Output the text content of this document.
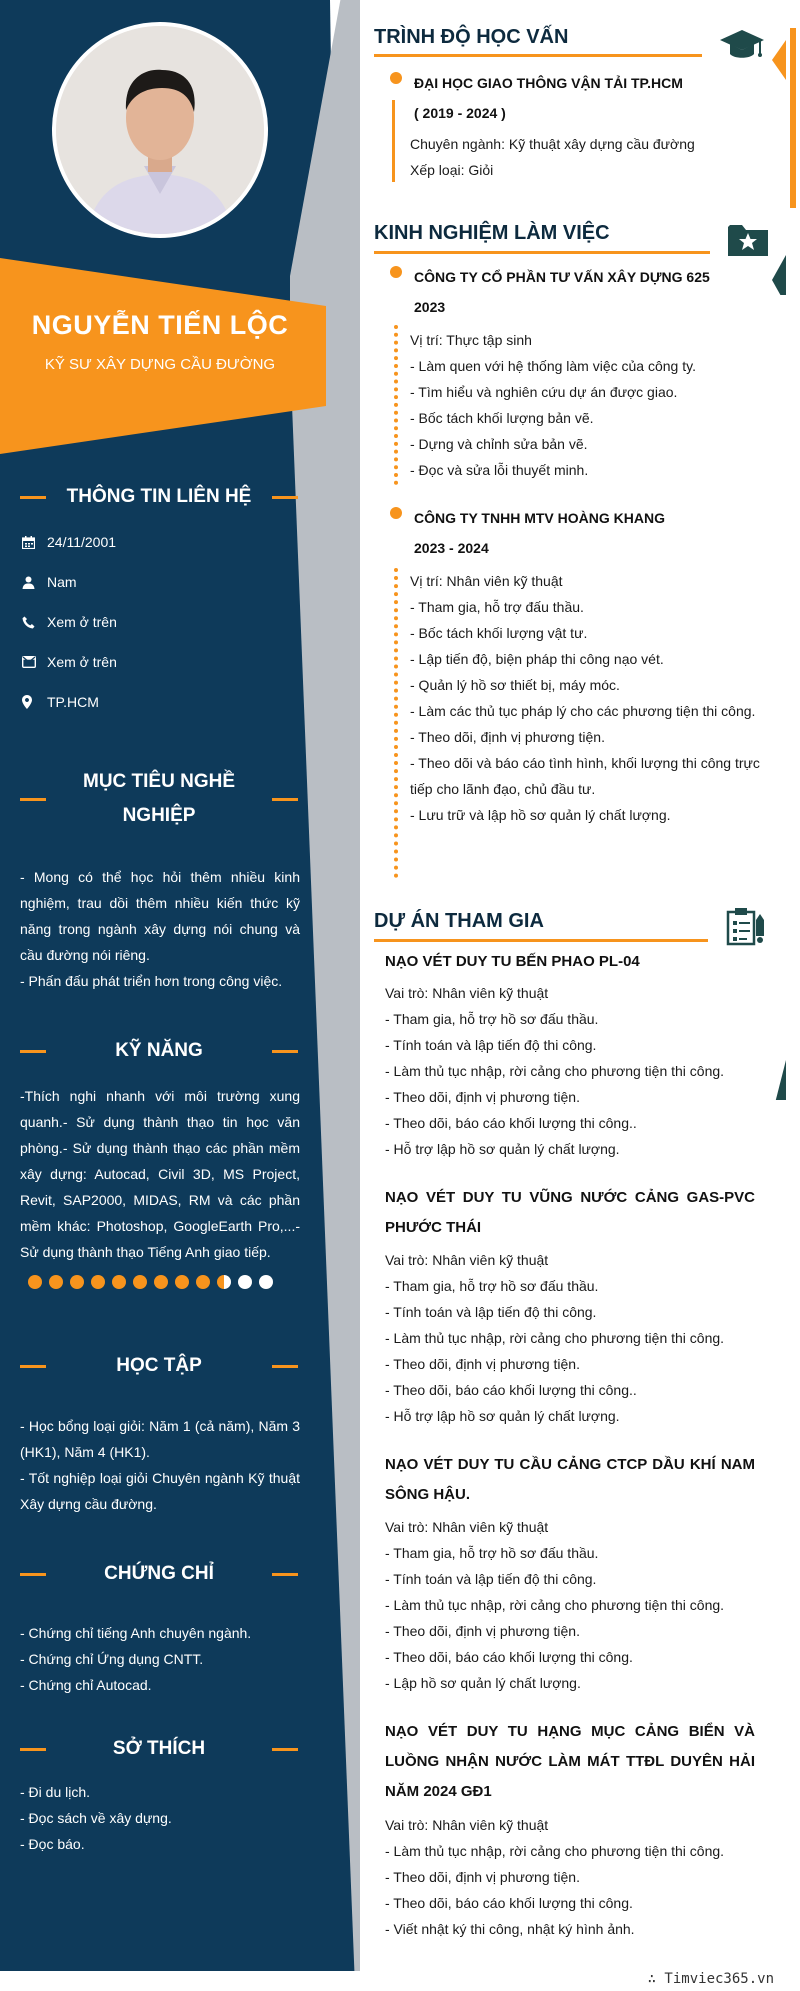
NGUYỄN TIẾN LỘC
KỸ SƯ XÂY DỰNG CẦU ĐƯỜNG
THÔNG TIN LIÊN HỆ
24/11/2001
Nam
Xem ở trên
Xem ở trên
TP.HCM
MỤC TIÊU NGHỀ NGHIỆP

- Mong có thể học hỏi thêm nhiều kinh nghiệm, trau dồi thêm nhiều kiến thức kỹ năng trong ngành xây dựng nói chung và cầu đường nói riêng.

- Phấn đấu phát triển hơn trong công việc.

KỸ NĂNG
-Thích nghi nhanh với môi trường xung quanh.- Sử dụng thành thạo tin học văn phòng.- Sử dụng thành thạo các phần mềm xây dựng: Autocad, Civil 3D, MS Project, Revit, SAP2000, MIDAS, RM và các phần mềm khác: Photoshop, GoogleEarth Pro,...- Sử dụng thành thạo Tiếng Anh giao tiếp.
HỌC TẬP

- Học bổng loại giỏi: Năm 1 (cả năm), Năm 3 (HK1), Năm 4 (HK1).

- Tốt nghiệp loại giỏi Chuyên ngành Kỹ thuật Xây dựng cầu đường.

CHỨNG CHỈ

- Chứng chỉ tiếng Anh chuyên ngành.

- Chứng chỉ Ứng dụng CNTT.

- Chứng chỉ Autocad.

SỞ THÍCH

- Đi du lịch.

- Đọc sách về xây dựng.

- Đọc báo.

TRÌNH ĐỘ HỌC VẤN
ĐẠI HỌC GIAO THÔNG VẬN TẢI TP.HCM
( 2019 - 2024 )

Chuyên ngành: Kỹ thuật xây dựng cầu đường

Xếp loại: Giỏi

KINH NGHIỆM LÀM VIỆC
CÔNG TY CỔ PHẦN TƯ VẤN XÂY DỰNG 625
2023

Vị trí: Thực tập sinh

- Làm quen với hệ thống làm việc của công ty.

- Tìm hiểu và nghiên cứu dự án được giao.

- Bốc tách khối lượng bản vẽ.

- Dựng và chỉnh sửa bản vẽ.

- Đọc và sửa lỗi thuyết minh.

CÔNG TY TNHH MTV HOÀNG KHANG
2023 - 2024

Vị trí: Nhân viên kỹ thuật

- Tham gia, hỗ trợ đấu thầu.

- Bốc tách khối lượng vật tư.

- Lập tiến độ, biện pháp thi công nạo vét.

- Quản lý hồ sơ thiết bị, máy móc.

- Làm các thủ tục pháp lý cho các phương tiện thi công.

- Theo dõi, định vị phương tiện.

- Theo dõi và báo cáo tình hình, khối lượng thi công trực tiếp cho lãnh đạo, chủ đầu tư.

- Lưu trữ và lập hồ sơ quản lý chất lượng.

DỰ ÁN THAM GIA
NẠO VÉT DUY TU BẾN PHAO PL-04

Vai trò: Nhân viên kỹ thuật

- Tham gia, hỗ trợ hồ sơ đấu thầu.

- Tính toán và lập tiến độ thi công.

- Làm thủ tục nhập, rời cảng cho phương tiện thi công.

- Theo dõi, định vị phương tiện.

- Theo dõi, báo cáo khối lượng thi công..

- Hỗ trợ lập hồ sơ quản lý chất lượng.

NẠO VÉT DUY TU VŨNG NƯỚC CẢNG GAS-PVC PHƯỚC THÁI

Vai trò: Nhân viên kỹ thuật

- Tham gia, hỗ trợ hồ sơ đấu thầu.

- Tính toán và lập tiến độ thi công.

- Làm thủ tục nhập, rời cảng cho phương tiện thi công.

- Theo dõi, định vị phương tiện.

- Theo dõi, báo cáo khối lượng thi công..

- Hỗ trợ lập hồ sơ quản lý chất lượng.

NẠO VÉT DUY TU CẦU CẢNG CTCP DẦU KHÍ NAM SÔNG HẬU.

Vai trò: Nhân viên kỹ thuật

- Tham gia, hỗ trợ hồ sơ đấu thầu.

- Tính toán và lập tiến độ thi công.

- Làm thủ tục nhập, rời cảng cho phương tiện thi công.

- Theo dõi, định vị phương tiện.

- Theo dõi, báo cáo khối lượng thi công.

- Lập hồ sơ quản lý chất lượng.

NẠO VÉT DUY TU HẠNG MỤC CẢNG BIỂN VÀ LUỒNG NHẬN NƯỚC LÀM MÁT TTĐL DUYÊN HẢI NĂM 2024 GĐ1

Vai trò: Nhân viên kỹ thuật

- Làm thủ tục nhập, rời cảng cho phương tiện thi công.

- Theo dõi, định vị phương tiện.

- Theo dõi, báo cáo khối lượng thi công.

- Viết nhật ký thi công, nhật ký hình ảnh.

∴ Timviec365.vn
